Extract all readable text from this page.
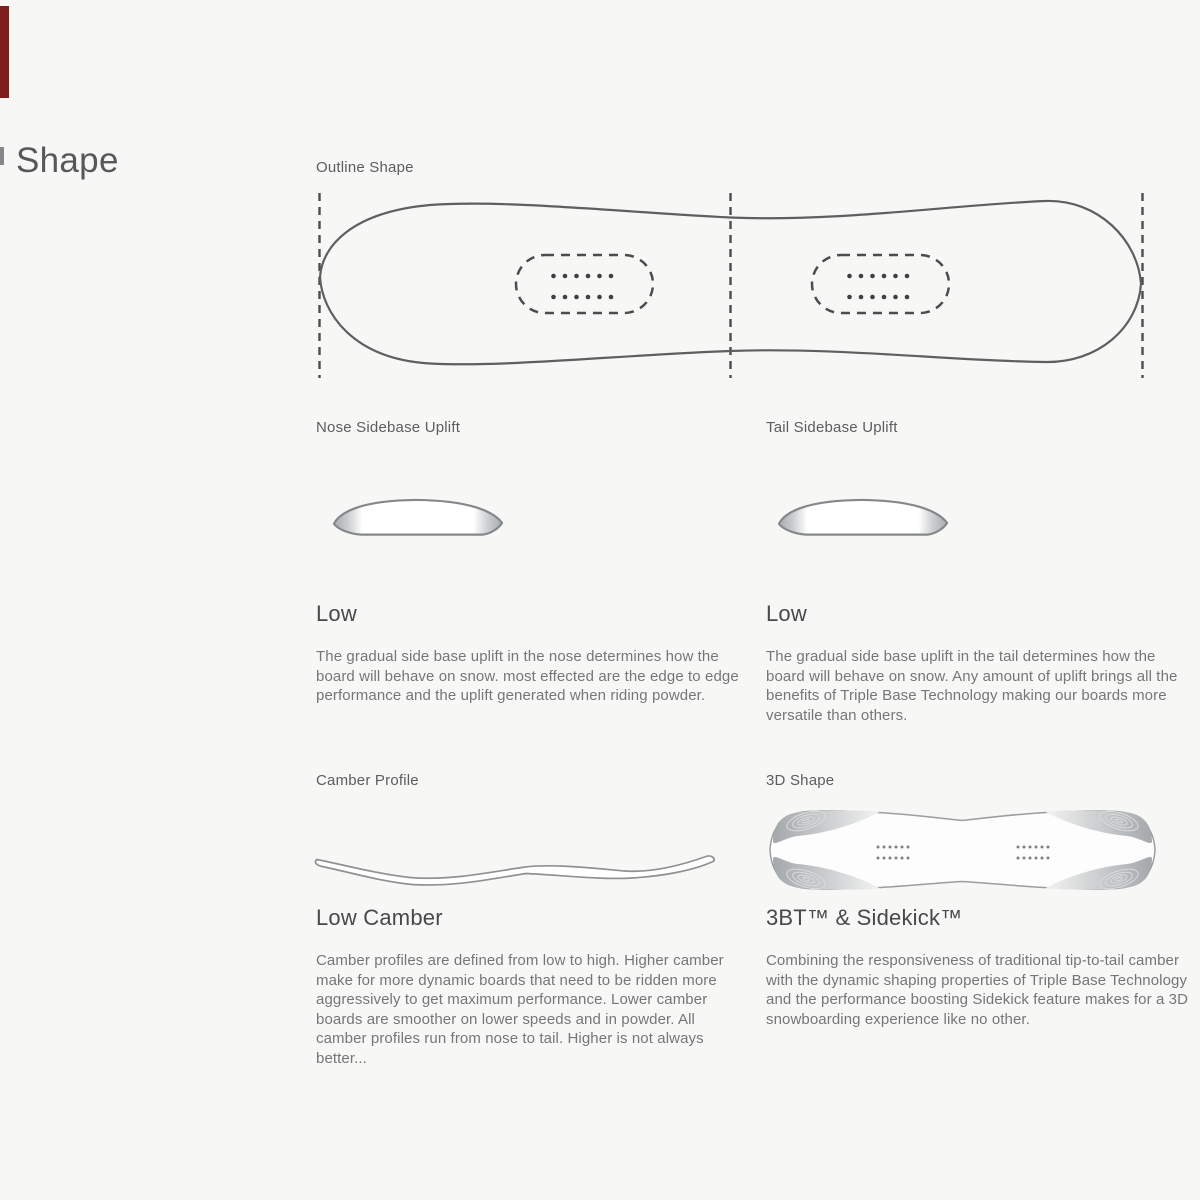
Shape	Outline Shape
Nose Sidebase Uplift	Tail Sidebase Uplift
Camber Profile	3D Shape
Low	Low

The gradual side base uplift in the nose determines how the board will behave on snow. most effected are the edge to edge performance and the uplift generated when riding powder.

The gradual side base uplift in the tail determines how the board will behave on snow. Any amount of uplift brings all the benefits of Triple Base Technology making our boards more versatile than others.

Low Camber	3BT™ & Sidekick™

Camber profiles are defined from low to high. Higher camber make for more dynamic boards that need to be ridden more aggressively to get maximum performance. Lower camber boards are smoother on lower speeds and in powder. All camber profiles run from nose to tail. Higher is not always better...

Combining the responsiveness of traditional tip-to-tail camber with the dynamic shaping properties of Triple Base Technology and the performance boosting Sidekick feature makes for a 3D snowboarding experience like no other.
